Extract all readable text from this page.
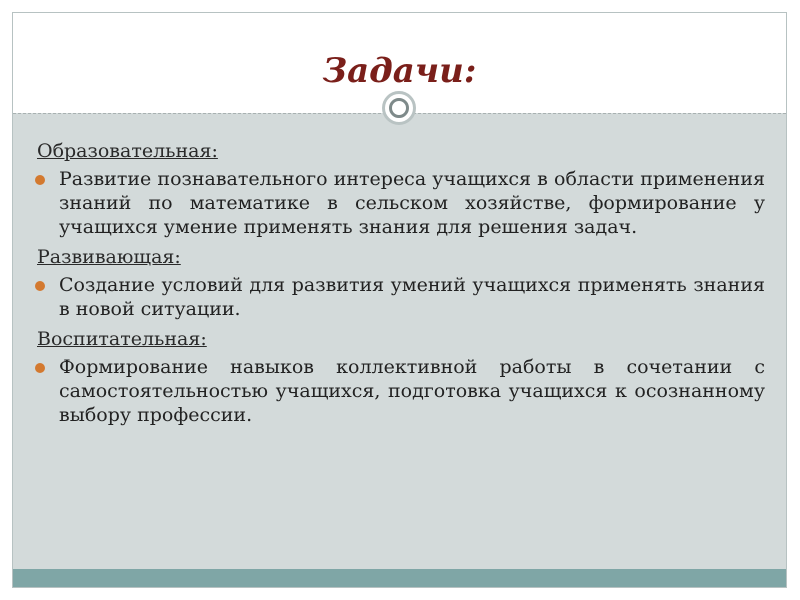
Задачи:
Образовательная:
Развитие познавательного интереса учащихся в области применения знаний по математике в сельском хозяйстве, формирование у учащихся умение применять знания для решения задач.
Развивающая:
Создание условий для развития умений учащихся применять знания в новой ситуации.
Воспитательная:
Формирование навыков коллективной работы в сочетании с самостоятельностью учащихся, подготовка учащихся к осознанному выбору профессии.
